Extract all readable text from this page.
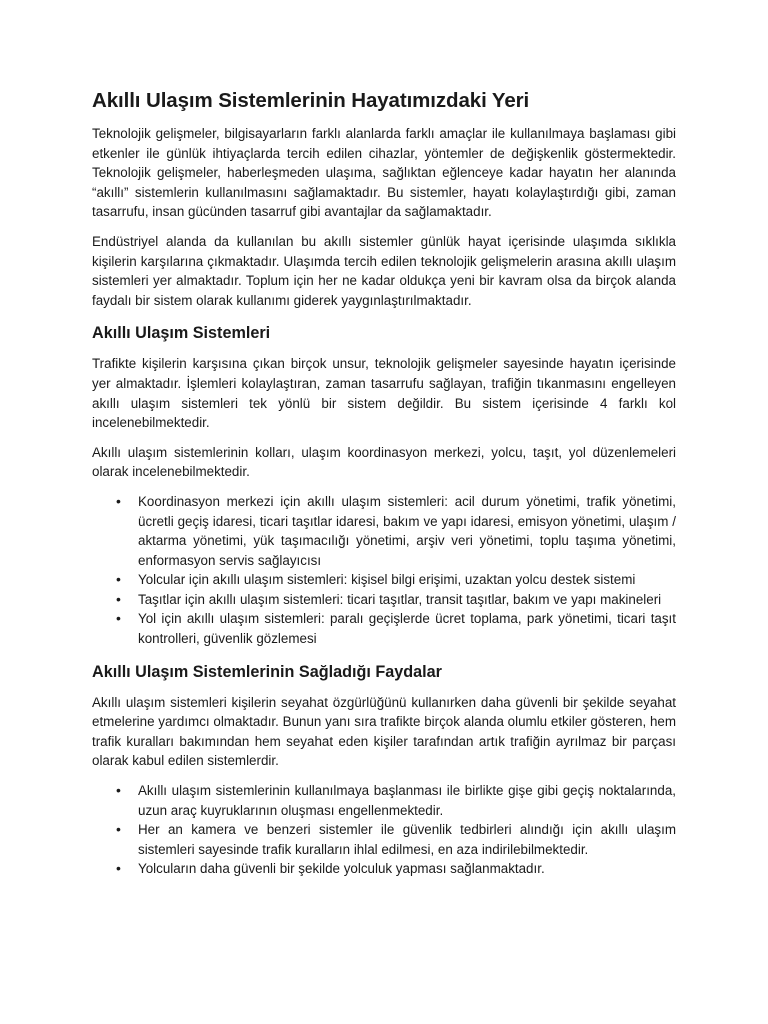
Akıllı Ulaşım Sistemlerinin Hayatımızdaki Yeri

Teknolojik gelişmeler, bilgisayarların farklı alanlarda farklı amaçlar ile kullanılmaya başlaması gibi etkenler ile günlük ihtiyaçlarda tercih edilen cihazlar, yöntemler de değişkenlik göstermektedir. Teknolojik gelişmeler, haberleşmeden ulaşıma, sağlıktan eğlenceye kadar hayatın her alanında “akıllı” sistemlerin kullanılmasını sağlamaktadır. Bu sistemler, hayatı kolaylaştırdığı gibi, zaman tasarrufu, insan gücünden tasarruf gibi avantajlar da sağlamaktadır.

Endüstriyel alanda da kullanılan bu akıllı sistemler günlük hayat içerisinde ulaşımda sıklıkla kişilerin karşılarına çıkmaktadır. Ulaşımda tercih edilen teknolojik gelişmelerin arasına akıllı ulaşım sistemleri yer almaktadır. Toplum için her ne kadar oldukça yeni bir kavram olsa da birçok alanda faydalı bir sistem olarak kullanımı giderek yaygınlaştırılmaktadır.

Akıllı Ulaşım Sistemleri

Trafikte kişilerin karşısına çıkan birçok unsur, teknolojik gelişmeler sayesinde hayatın içerisinde yer almaktadır. İşlemleri kolaylaştıran, zaman tasarrufu sağlayan, trafiğin tıkanmasını engelleyen akıllı ulaşım sistemleri tek yönlü bir sistem değildir. Bu sistem içerisinde 4 farklı kol incelenebilmektedir.

Akıllı ulaşım sistemlerinin kolları, ulaşım koordinasyon merkezi, yolcu, taşıt, yol düzenlemeleri olarak incelenebilmektedir.

• Koordinasyon merkezi için akıllı ulaşım sistemleri: acil durum yönetimi, trafik yönetimi, ücretli geçiş idaresi, ticari taşıtlar idaresi, bakım ve yapı idaresi, emisyon yönetimi, ulaşım / aktarma yönetimi, yük taşımacılığı yönetimi, arşiv veri yönetimi, toplu taşıma yönetimi, enformasyon servis sağlayıcısı
• Yolcular için akıllı ulaşım sistemleri: kişisel bilgi erişimi, uzaktan yolcu destek sistemi
• Taşıtlar için akıllı ulaşım sistemleri: ticari taşıtlar, transit taşıtlar, bakım ve yapı makineleri
• Yol için akıllı ulaşım sistemleri: paralı geçişlerde ücret toplama, park yönetimi, ticari taşıt kontrolleri, güvenlik gözlemesi
Akıllı Ulaşım Sistemlerinin Sağladığı Faydalar

Akıllı ulaşım sistemleri kişilerin seyahat özgürlüğünü kullanırken daha güvenli bir şekilde seyahat etmelerine yardımcı olmaktadır. Bunun yanı sıra trafikte birçok alanda olumlu etkiler gösteren, hem trafik kuralları bakımından hem seyahat eden kişiler tarafından artık trafiğin ayrılmaz bir parçası olarak kabul edilen sistemlerdir.

• Akıllı ulaşım sistemlerinin kullanılmaya başlanması ile birlikte gişe gibi geçiş noktalarında, uzun araç kuyruklarının oluşması engellenmektedir.
• Her an kamera ve benzeri sistemler ile güvenlik tedbirleri alındığı için akıllı ulaşım sistemleri sayesinde trafik kuralların ihlal edilmesi, en aza indirilebilmektedir.
• Yolcuların daha güvenli bir şekilde yolculuk yapması sağlanmaktadır.
